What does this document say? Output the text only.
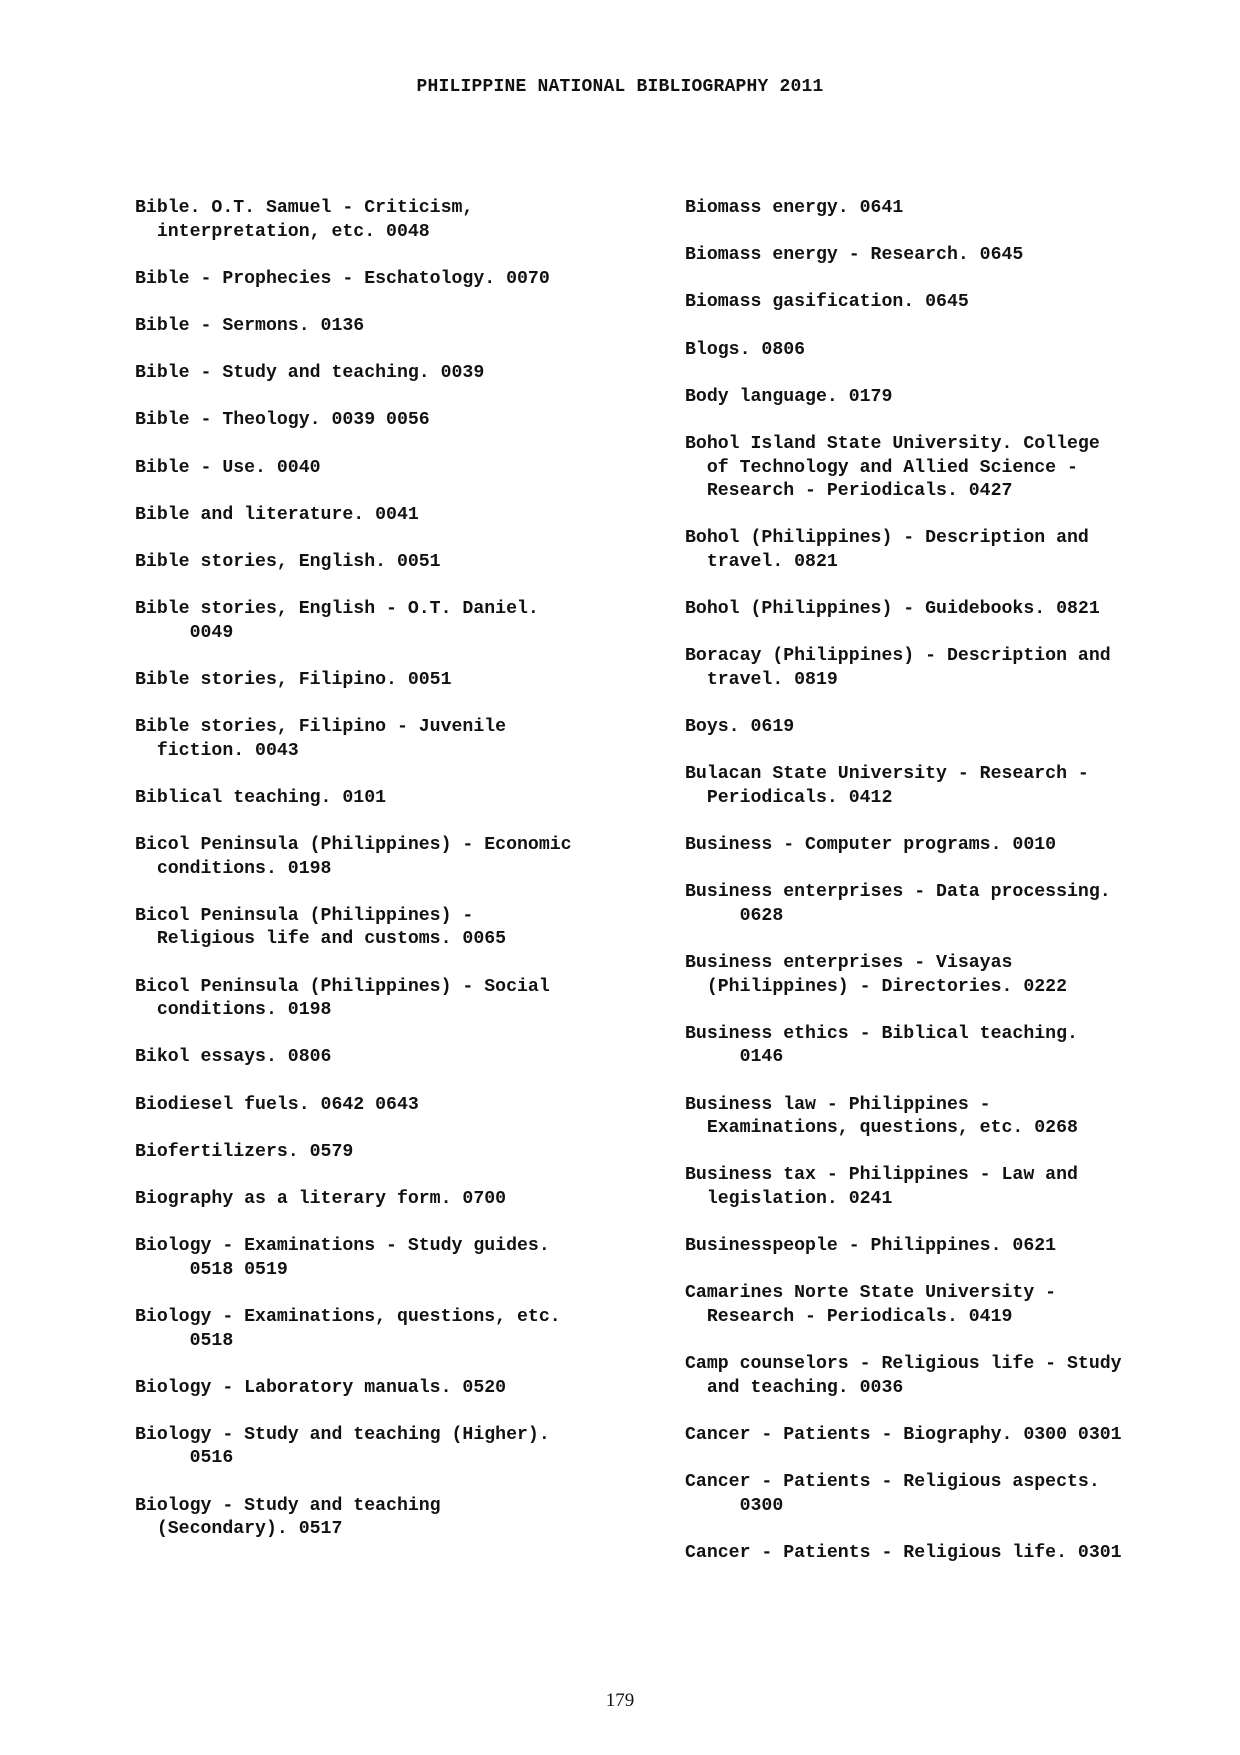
PHILIPPINE NATIONAL BIBLIOGRAPHY 2011
Bible. O.T. Samuel - Criticism,
interpretation, etc. 0048
Bible - Prophecies - Eschatology. 0070
Bible - Sermons. 0136
Bible - Study and teaching. 0039
Bible - Theology. 0039 0056
Bible - Use. 0040
Bible and literature. 0041
Bible stories, English. 0051
Bible stories, English - O.T. Daniel.
0049
Bible stories, Filipino. 0051
Bible stories, Filipino - Juvenile
fiction. 0043
Biblical teaching. 0101
Bicol Peninsula (Philippines) - Economic
conditions. 0198
Bicol Peninsula (Philippines) -
Religious life and customs. 0065
Bicol Peninsula (Philippines) - Social
conditions. 0198
Bikol essays. 0806
Biodiesel fuels. 0642 0643
Biofertilizers. 0579
Biography as a literary form. 0700
Biology - Examinations - Study guides.
0518 0519
Biology - Examinations, questions, etc.
0518
Biology - Laboratory manuals. 0520
Biology - Study and teaching (Higher).
0516
Biology - Study and teaching
(Secondary). 0517
Biomass energy. 0641
Biomass energy - Research. 0645
Biomass gasification. 0645
Blogs. 0806
Body language. 0179
Bohol Island State University. College
of Technology and Allied Science -
Research - Periodicals. 0427
Bohol (Philippines) - Description and
travel. 0821
Bohol (Philippines) - Guidebooks. 0821
Boracay (Philippines) - Description and
travel. 0819
Boys. 0619
Bulacan State University - Research -
Periodicals. 0412
Business - Computer programs. 0010
Business enterprises - Data processing.
0628
Business enterprises - Visayas
(Philippines) - Directories. 0222
Business ethics - Biblical teaching.
0146
Business law - Philippines -
Examinations, questions, etc. 0268
Business tax - Philippines - Law and
legislation. 0241
Businesspeople - Philippines. 0621
Camarines Norte State University -
Research - Periodicals. 0419
Camp counselors - Religious life - Study
and teaching. 0036
Cancer - Patients - Biography. 0300 0301
Cancer - Patients - Religious aspects.
0300
Cancer - Patients - Religious life. 0301
179
